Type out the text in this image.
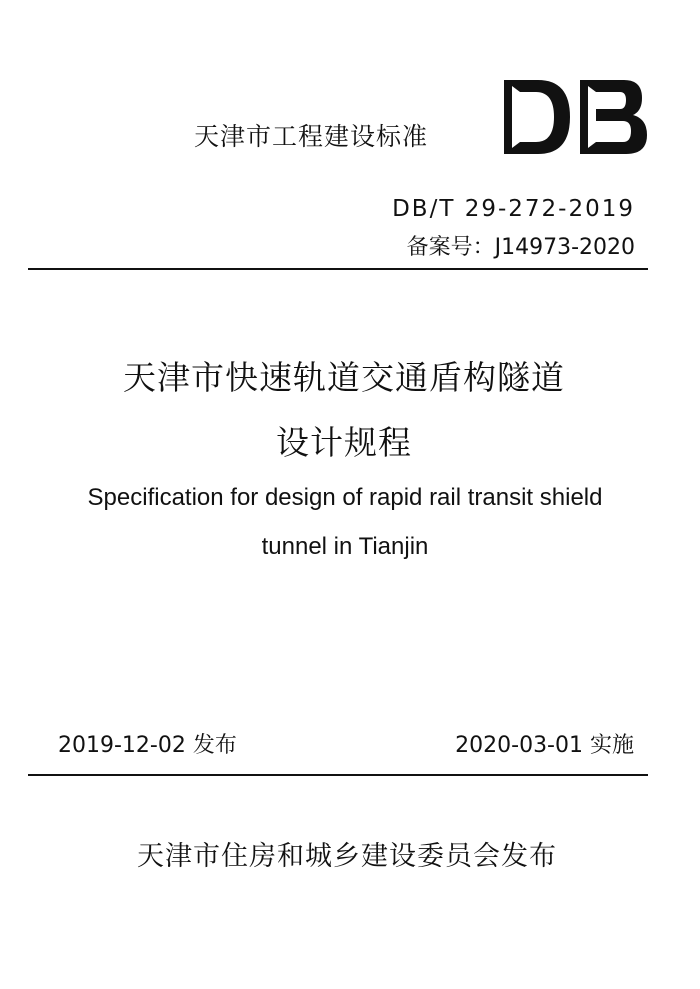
天津市工程建设标准
DB/T 29-272-2019
备案号：J14973-2020
天津市快速轨道交通盾构隧道
设计规程
Specification for design of rapid rail transit shield
tunnel in Tianjin
2019-12-02 发布	2020-03-01 实施
天津市住房和城乡建设委员会发布
